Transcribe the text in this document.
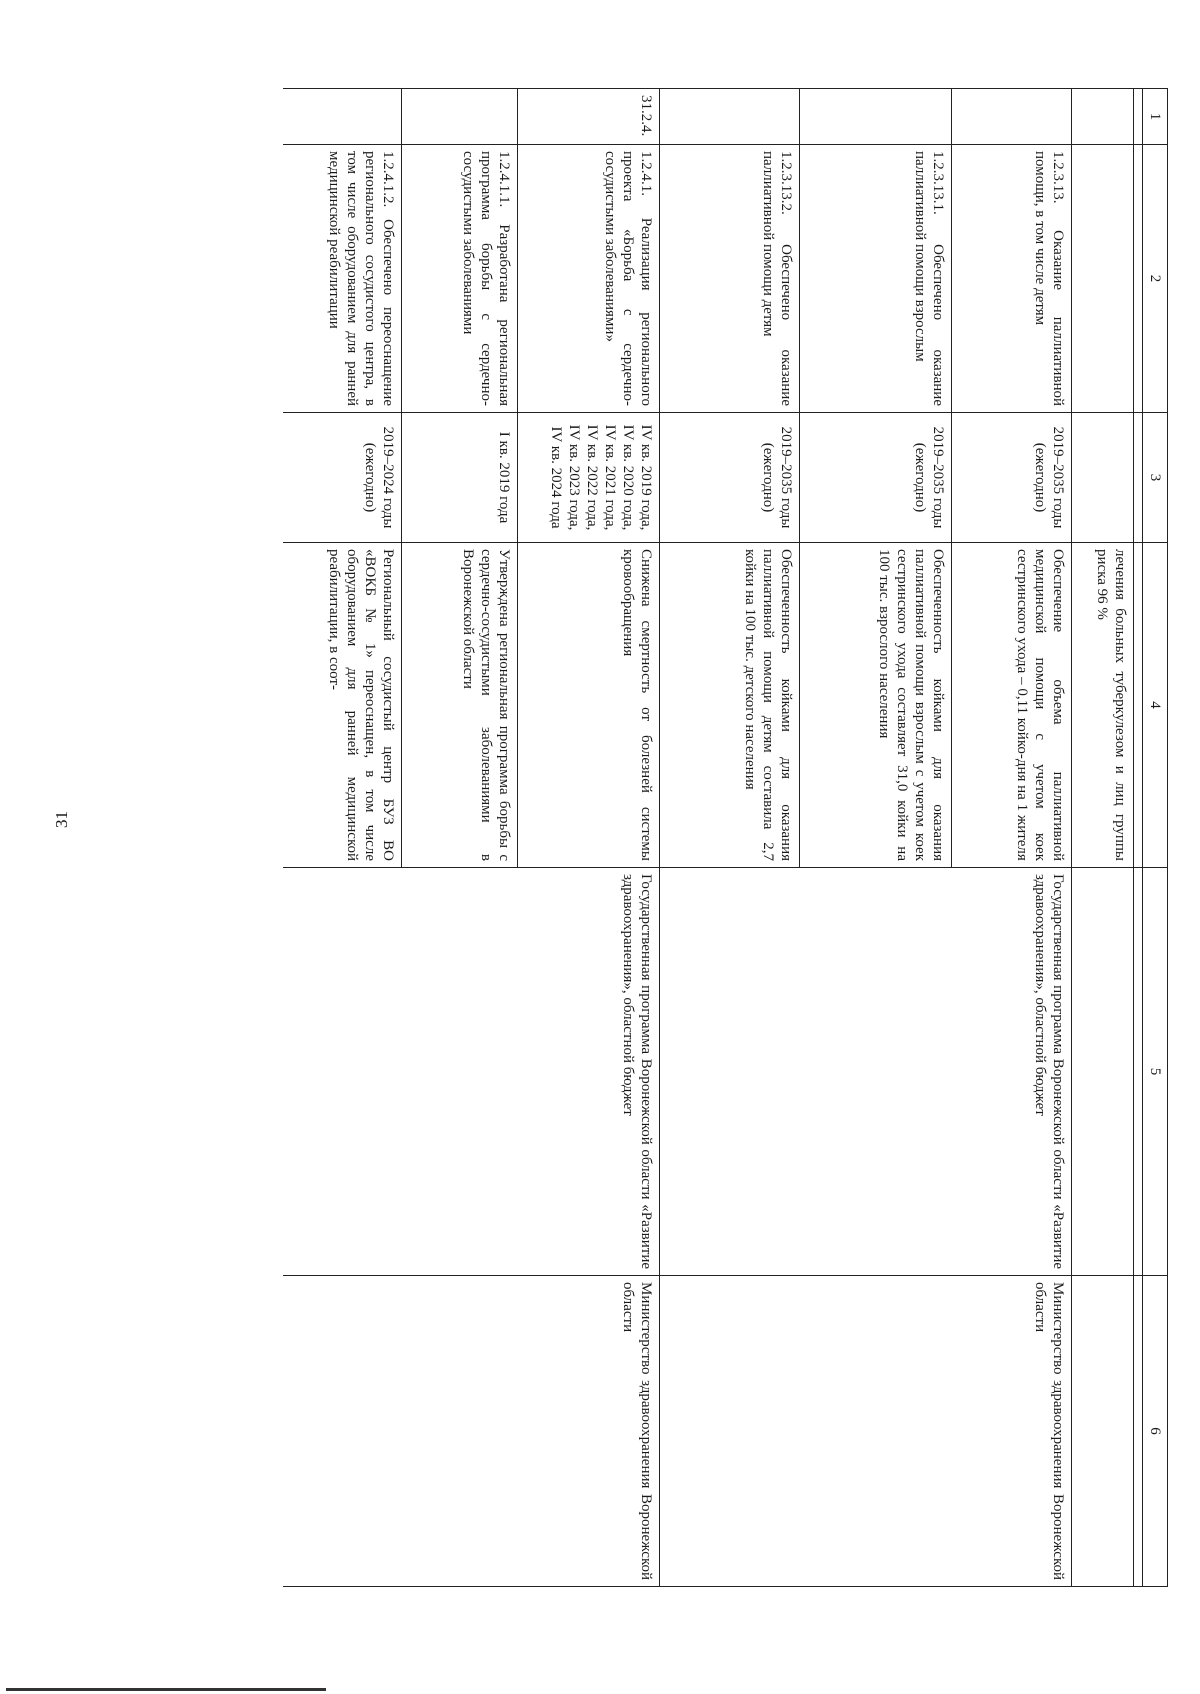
31
1	2	3	4	5	6

			лечения больных туберкулезом и лиц группы риска 96 %		
	1.2.3.13. Оказание паллиативной помощи, в том числе детям	2019–2035 годы (ежегодно)	Обеспечение объема паллиативной медицинской помощи с учетом коек сестринского ухода – 0,11 койко-дня на 1 жителя	Государственная программа Воронежской области «Развитие здравоохранения», областной бюджет	Министерство здравоохранения Воронежской области
	1.2.3.13.1. Обеспечено оказание паллиативной помощи взрослым	2019–2035 годы (ежегодно)	Обеспеченность койками для оказания паллиативной помощи взрослым с учетом коек сестринского ухода составляет 31,0 койки на 100 тыс. взрослого населения		
	1.2.3.13.2. Обеспечено оказание паллиативной помощи детям	2019–2035 годы (ежегодно)	Обеспеченность койками для оказания паллиативной помощи детям составила 2,7 койки на 100 тыс. детского населения		
31.2.4.	1.2.4.1. Реализация регионального проекта «Борьба с сердечно-сосудистыми заболеваниями»	IV кв. 2019 года, IV кв. 2020 года, IV кв. 2021 года, IV кв. 2022 года, IV кв. 2023 года, IV кв. 2024 года	Снижена смертность от болезней системы кровообращения	Государственная программа Воронежской области «Развитие здравоохранения», областной бюджет	Министерство здравоохранения Воронежской области
	1.2.4.1.1. Разработана региональная программа борьбы с сердечно-сосудистыми заболеваниями	I кв. 2019 года	Утверждена региональная программа борьбы с сердечно-сосудистыми заболеваниями в Воронежской области		
	1.2.4.1.2. Обеспечено переоснащение регионального сосудистого центра, в том числе оборудованием для ранней медицинской реабилитации	2019–2024 годы (ежегодно)	Региональный сосудистый центр БУЗ ВО «ВОКБ № 1» переоснащен, в том числе оборудованием для ранней медицинской реабилитации, в соот-		
